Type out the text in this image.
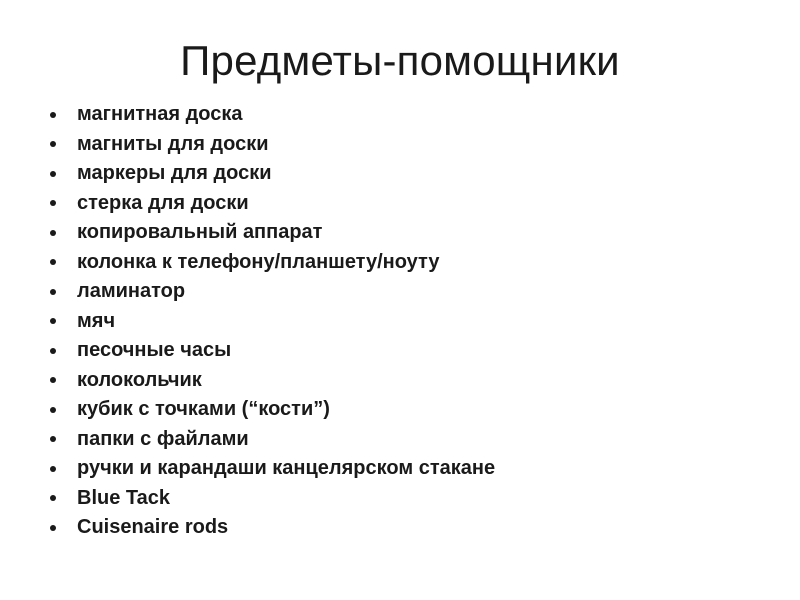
Предметы-помощники
магнитная доска
магниты для доски
маркеры для доски
стерка для доски
копировальный аппарат
колонка к телефону/планшету/ноуту
ламинатор
мяч
песочные часы
колокольчик
кубик с точками (“кости”)
папки с файлами
ручки и карандаши канцелярском стакане
Blue Tack
Cuisenaire rods
